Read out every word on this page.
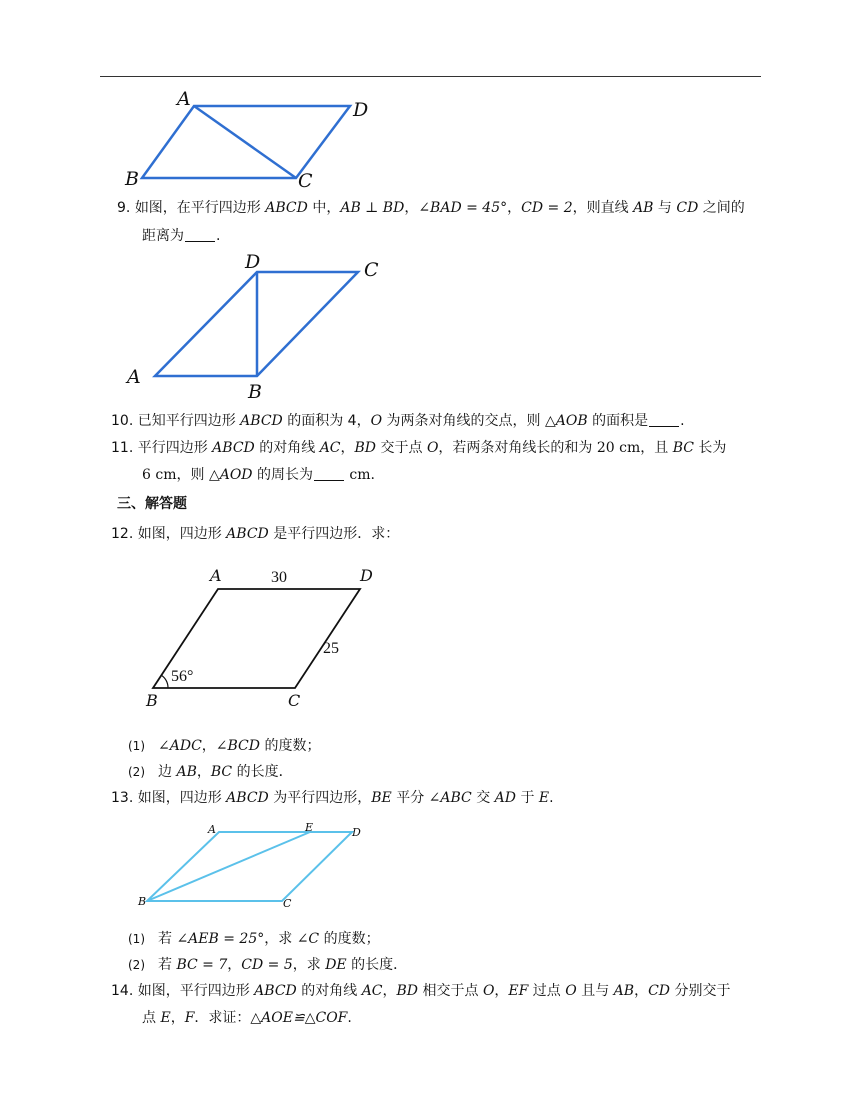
A	D
B	C
9. 如图，在平行四边形 ABCD 中，AB ⊥ BD，∠BAD = 45°，CD = 2，则直线 AB 与 CD 之间的
距离为 .
D	C
A
B
10. 已知平行四边形 ABCD 的面积为 4，O 为两条对角线的交点，则 △AOB 的面积是 .
11. 平行四边形 ABCD 的对角线 AC，BD 交于点 O，若两条对角线长的和为 20 cm，且 BC 长为
6 cm，则 △AOD 的周长为 cm.
三、解答题
12. 如图，四边形 ABCD 是平行四边形．求：
A	D
B	C
30
25
56°
(1) ∠ADC，∠BCD 的度数；
(2) 边 AB，BC 的长度．
13. 如图，四边形 ABCD 为平行四边形，BE 平分 ∠ABC 交 AD 于 E.
A	E	D
B	C
(1) 若 ∠AEB = 25°，求 ∠C 的度数；
(2) 若 BC = 7，CD = 5，求 DE 的长度．
14. 如图，平行四边形 ABCD 的对角线 AC，BD 相交于点 O，EF 过点 O 且与 AB，CD 分别交于
点 E，F．求证：△AOE≌△COF.
